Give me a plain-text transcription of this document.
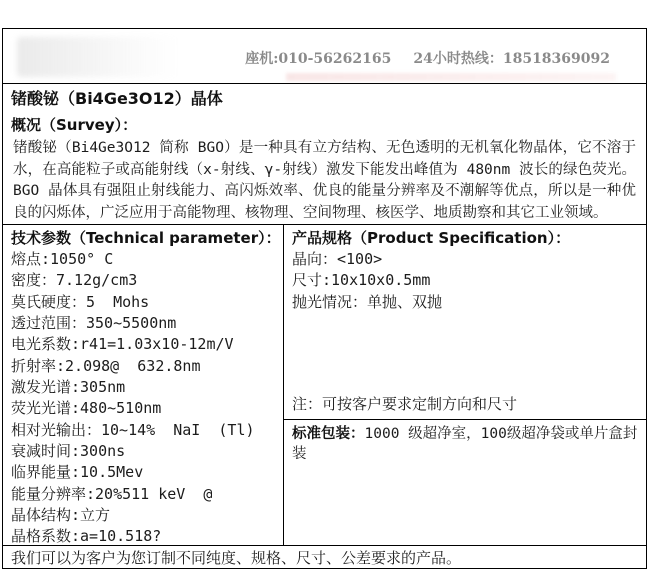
座机:010-56262165 24小时热线：18518369092
锗酸铋（Bi4Ge3O12）晶体
概况（Survey）：
锗酸铋（Bi4Ge3O12 简称 BGO）是一种具有立方结构、无色透明的无机氧化物晶体，它不溶于水，在高能粒子或高能射线（x-射线、γ-射线）激发下能发出峰值为 480nm 波长的绿色荧光。BGO 晶体具有强阻止射线能力、高闪烁效率、优良的能量分辨率及不潮解等优点，所以是一种优良的闪烁体，广泛应用于高能物理、核物理、空间物理、核医学、地质勘察和其它工业领域。
技术参数（Technical parameter）：
熔点:1050° C
密度：7.12g/cm3
莫氏硬度：5  Mohs
透过范围：350~5500nm
电光系数:r41=1.03x10-12m/V
折射率:2.098@  632.8nm
激发光谱:305nm
荧光光谱:480~510nm
相对光输出：10~14%  NaI  (Tl)
衰减时间:300ns
临界能量:10.5Mev
能量分辨率:20%511 keV  @
晶体结构:立方
晶格系数:a=10.518?
产品规格（Product Specification）：
晶向：<100>
尺寸:10x10x0.5mm
抛光情况：单抛、双抛
注：可按客户要求定制方向和尺寸
标准包装：1000 级超净室，100级超净袋或单片盒封装
我们可以为客户为您订制不同纯度、规格、尺寸、公差要求的产品。
